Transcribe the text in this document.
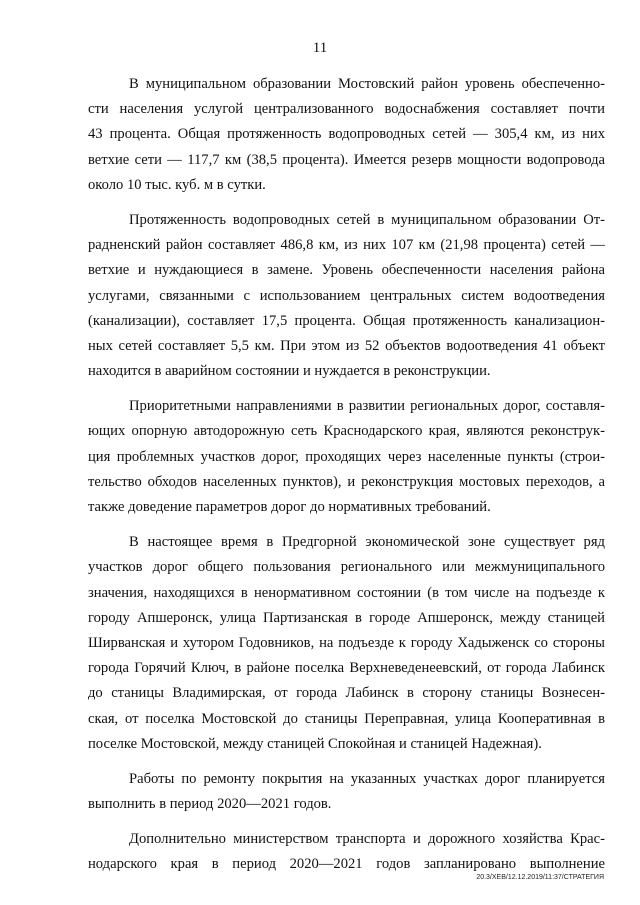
11

В муниципальном образовании Мостовский район уровень обеспеченно-
сти населения услугой централизованного водоснабжения составляет почти
43 процента. Общая протяженность водопроводных сетей — 305,4 км, из них
ветхие сети — 117,7 км (38,5 процента). Имеется резерв мощности водопровода
около 10 тыс. куб. м в сутки.

Протяженность водопроводных сетей в муниципальном образовании От-
радненский район составляет 486,8 км, из них 107 км (21,98 процента) сетей —
ветхие и нуждающиеся в замене. Уровень обеспеченности населения района
услугами, связанными с использованием центральных систем водоотведения
(канализации), составляет 17,5 процента. Общая протяженность канализацион-
ных сетей составляет 5,5 км. При этом из 52 объектов водоотведения 41 объект
находится в аварийном состоянии и нуждается в реконструкции.

Приоритетными направлениями в развитии региональных дорог, составля-
ющих опорную автодорожную сеть Краснодарского края, являются реконструк-
ция проблемных участков дорог, проходящих через населенные пункты (строи-
тельство обходов населенных пунктов), и реконструкция мостовых переходов, а
также доведение параметров дорог до нормативных требований.

В настоящее время в Предгорной экономической зоне существует ряд
участков дорог общего пользования регионального или межмуниципального
значения, находящихся в ненормативном состоянии (в том числе на подъезде к
городу Апшеронск, улица Партизанская в городе Апшеронск, между станицей
Ширванская и хутором Годовников, на подъезде к городу Хадыженск со стороны
города Горячий Ключ, в районе поселка Верхневеденеевский, от города Лабинск
до станицы Владимирская, от города Лабинск в сторону станицы Вознесен-
ская, от поселка Мостовской до станицы Переправная, улица Кооперативная в
поселке Мостовской, между станицей Спокойная и станицей Надежная).

Работы по ремонту покрытия на указанных участках дорог планируется
выполнить в период 2020—2021 годов.

Дополнительно министерством транспорта и дорожного хозяйства Крас-
нодарского края в период 2020—2021 годов запланировано выполнение

20.3/ХЕВ/12.12.2019/11:37/СТРАТЕГИЯ
